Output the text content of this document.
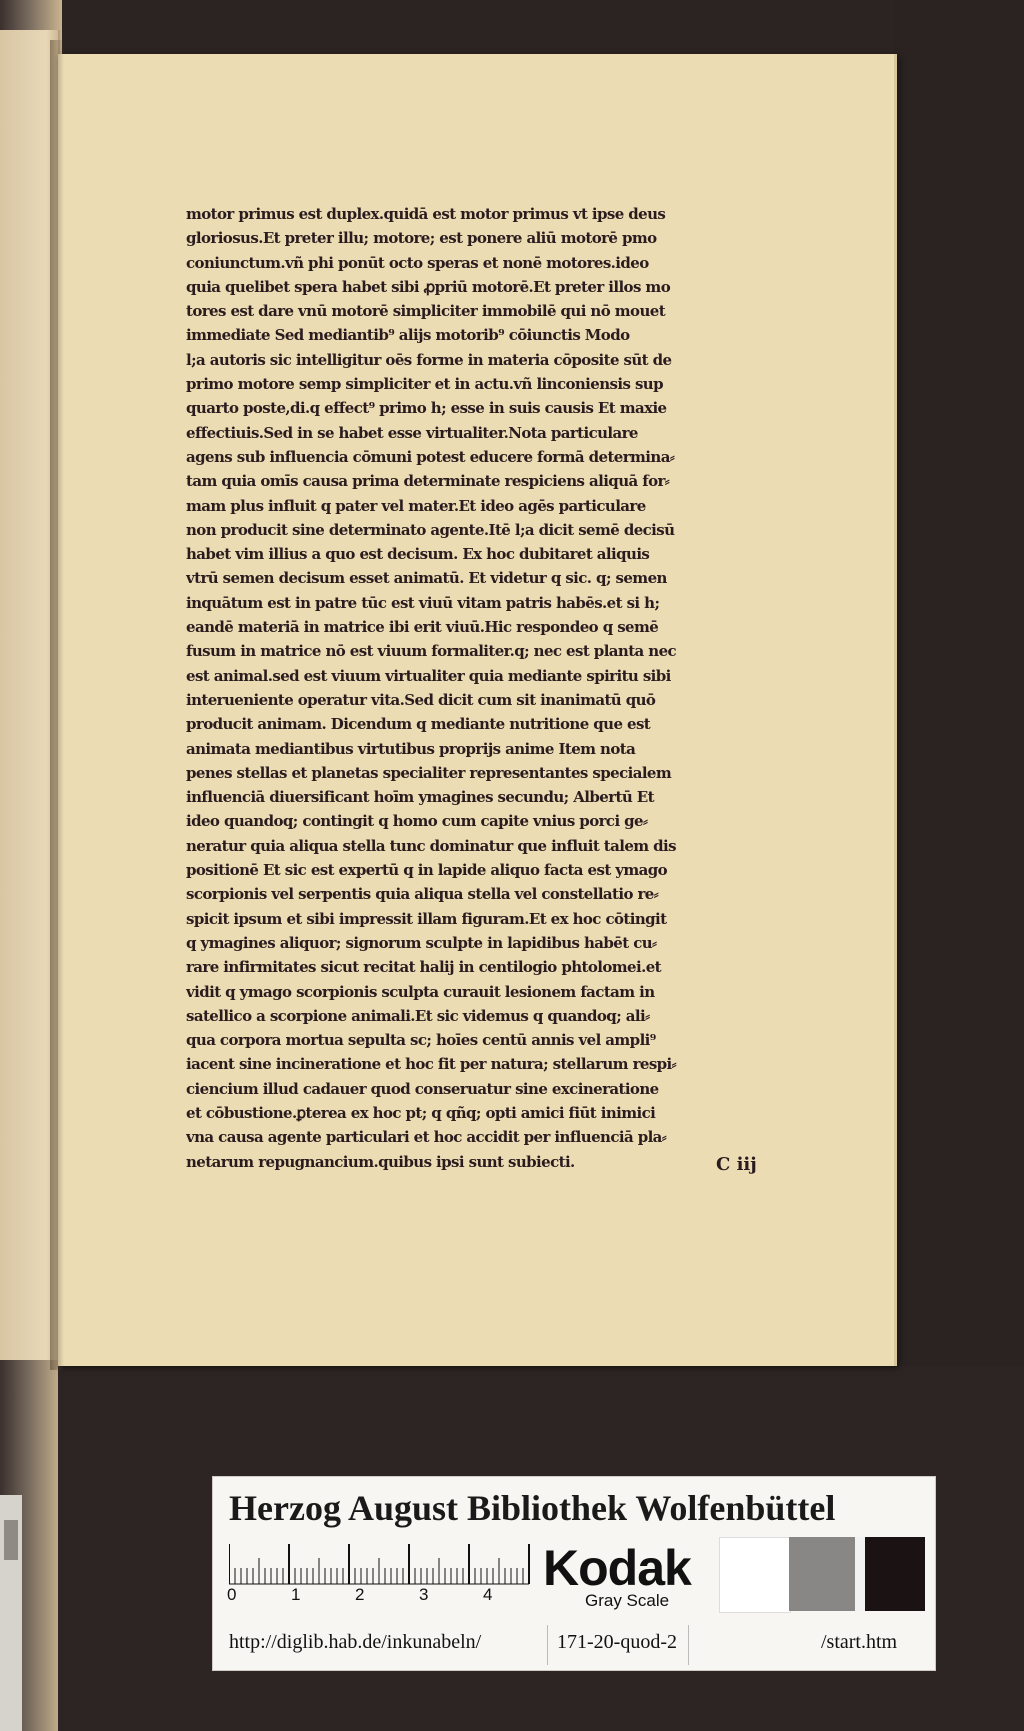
motor primus est duplex.quidā est motor primus vt ipse deus
gloriosus.Et preter illu; motore; est ponere aliū motorē pmo
coniunctum.vñ phi ponūt octo speras et nonē motores.ideo
quia quelibet spera habet sibi ꝓpriū motorē.Et preter illos mo
tores est dare vnū motorē simpliciter immobilē qui nō mouet
immediate Sed mediantib⁹ alijs motorib⁹ cōiunctis Modo
l;a autoris sic intelligitur oēs forme in materia cōposite sūt de
primo motore semp simpliciter et in actu.vñ linconiensis sup
quarto poste,di.q effect⁹ primo h; esse in suis causis Et maxie
effectiuis.Sed in se habet esse virtualiter.Nota particulare
agens sub influencia cōmuni potest educere formā determina⸗
tam quia omīs causa prima determinate respiciens aliquā for⸗
mam plus influit q pater vel mater.Et ideo agēs particulare
non producit sine determinato agente.Itē l;a dicit semē decisū
habet vim illius a quo est decisum. Ex hoc dubitaret aliquis
vtrū semen decisum esset animatū. Et videtur q sic. q; semen
inquātum est in patre tūc est viuū vitam patris habēs.et si h;
eandē materiā in matrice ibi erit viuū.Hic respondeo q semē
fusum in matrice nō est viuum formaliter.q; nec est planta nec
est animal.sed est viuum virtualiter quia mediante spiritu sibi
interueniente operatur vita.Sed dicit cum sit inanimatū quō
producit animam. Dicendum q mediante nutritione que est
animata mediantibus virtutibus proprijs anime Item nota
penes stellas et planetas specialiter representantes specialem
influenciā diuersificant hoīm ymagines secundu; Albertū Et
ideo quandoq; contingit q homo cum capite vnius porci ge⸗
neratur quia aliqua stella tunc dominatur que influit talem dis
positionē Et sic est expertū q in lapide aliquo facta est ymago
scorpionis vel serpentis quia aliqua stella vel constellatio re⸗
spicit ipsum et sibi impressit illam figuram.Et ex hoc cōtingit
q ymagines aliquor; signorum sculpte in lapidibus habēt cu⸗
rare infirmitates sicut recitat halij in centilogio phtolomei.et
vidit q ymago scorpionis sculpta curauit lesionem factam in
satellico a scorpione animali.Et sic videmus q quandoq; ali⸗
qua corpora mortua sepulta sc; hoīes centū annis vel ampli⁹
iacent sine incineratione et hoc fit per natura; stellarum respi⸗
ciencium illud cadauer quod conseruatur sine excineratione
et cōbustione.ꝑterea ex hoc pt; q qñq; opti amici fiūt inimici
vna causa agente particulari et hoc accidit per influenciā pla⸗
netarum repugnancium.quibus ipsi sunt subiecti.	C iij
Herzog August Bibliothek Wolfenbüttel
0	1	2	3	4 Kodak
Gray Scale
http://diglib.hab.de/inkunabeln/	171-20-quod-2	/start.htm
